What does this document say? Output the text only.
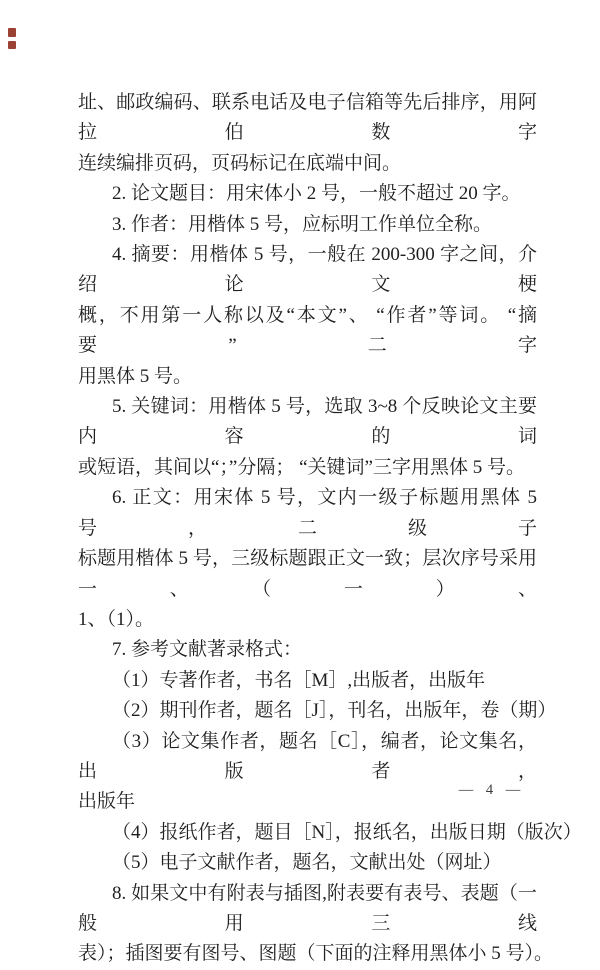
址、邮政编码、联系电话及电子信箱等先后排序，用阿拉伯数字
连续编排页码，页码标记在底端中间。
2. 论文题目：用宋体小 2 号，一般不超过 20 字。
3. 作者：用楷体 5 号，应标明工作单位全称。
4. 摘要：用楷体 5 号，一般在 200-300 字之间，介绍论文梗
概，不用第一人称以及“本文”、 “作者”等词。 “摘要”二字
用黑体 5 号。
5. 关键词：用楷体 5 号，选取 3~8 个反映论文主要内容的词
或短语，其间以“；”分隔； “关键词”三字用黑体 5 号。
6. 正文：用宋体 5 号，文内一级子标题用黑体 5 号，二级子
标题用楷体 5 号，三级标题跟正文一致；层次序号采用一、（一）、
1、（1）。
7. 参考文献著录格式：
（1）专著作者，书名［M］,出版者，出版年
（2）期刊作者，题名［J］，刊名，出版年，卷（期）
（3）论文集作者，题名［C］，编者，论文集名，出版者，
出版年
（4）报纸作者，题目［N］，报纸名，出版日期（版次）
（5）电子文献作者，题名，文献出处（网址）
8. 如果文中有附表与插图,附表要有表号、表题（一般用三线
表）；插图要有图号、图题（下面的注释用黑体小 5 号）。
— 4 —
